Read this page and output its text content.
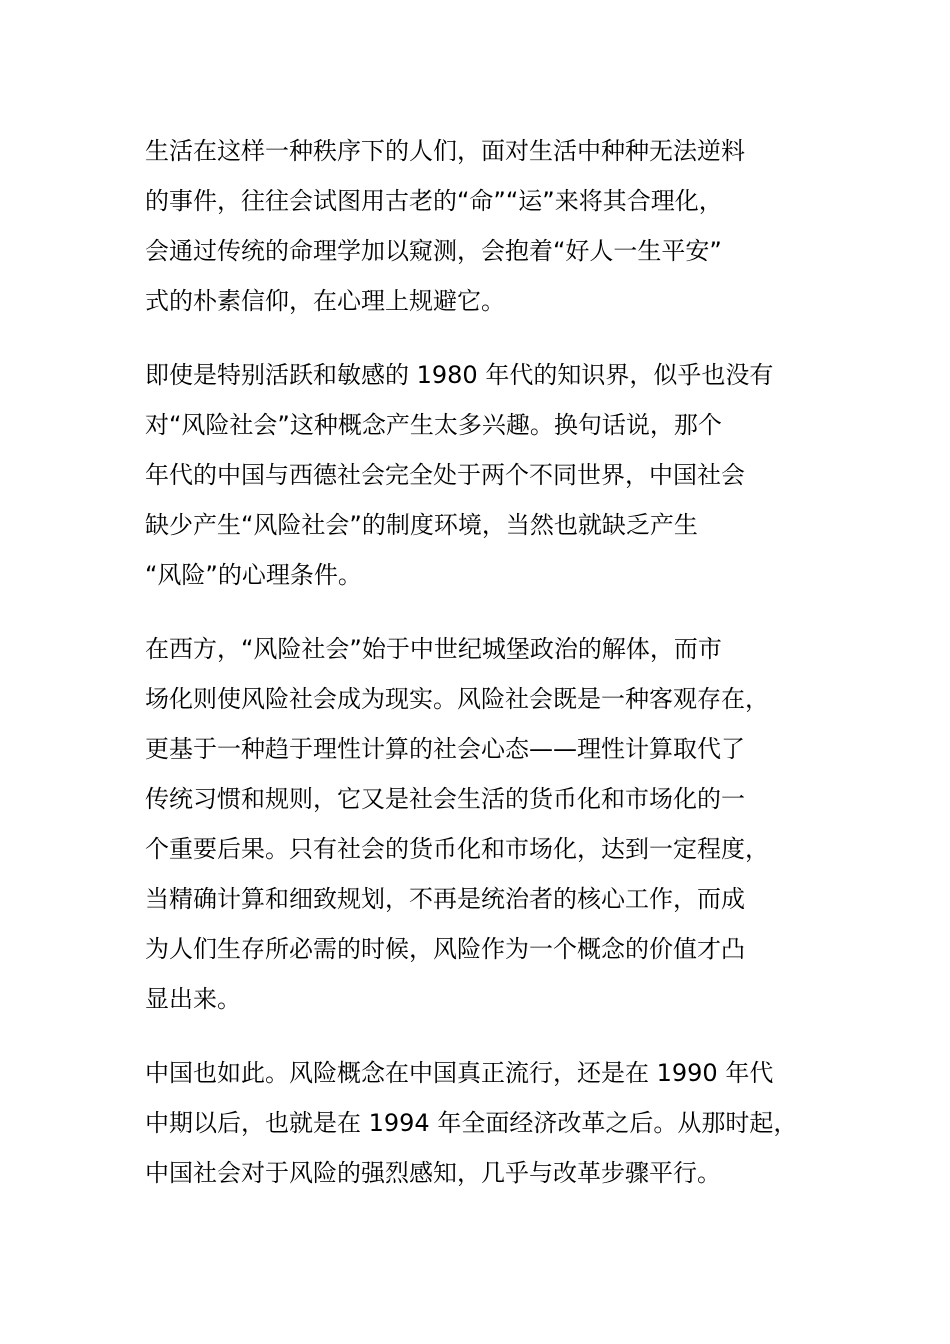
生活在这样一种秩序下的人们，面对生活中种种无法逆料
的事件，往往会试图用古老的“命”“运”来将其合理化，
会通过传统的命理学加以窥测，会抱着“好人一生平安”
式的朴素信仰，在心理上规避它。
即使是特别活跃和敏感的 1980 年代的知识界，似乎也没有
对“风险社会”这种概念产生太多兴趣。换句话说，那个
年代的中国与西德社会完全处于两个不同世界，中国社会
缺少产生“风险社会”的制度环境，当然也就缺乏产生
“风险”的心理条件。
在西方，“风险社会”始于中世纪城堡政治的解体，而市
场化则使风险社会成为现实。风险社会既是一种客观存在，
更基于一种趋于理性计算的社会心态——理性计算取代了
传统习惯和规则，它又是社会生活的货币化和市场化的一
个重要后果。只有社会的货币化和市场化，达到一定程度，
当精确计算和细致规划，不再是统治者的核心工作，而成
为人们生存所必需的时候，风险作为一个概念的价值才凸
显出来。
中国也如此。风险概念在中国真正流行，还是在 1990 年代
中期以后，也就是在 1994 年全面经济改革之后。从那时起，
中国社会对于风险的强烈感知，几乎与改革步骤平行。
